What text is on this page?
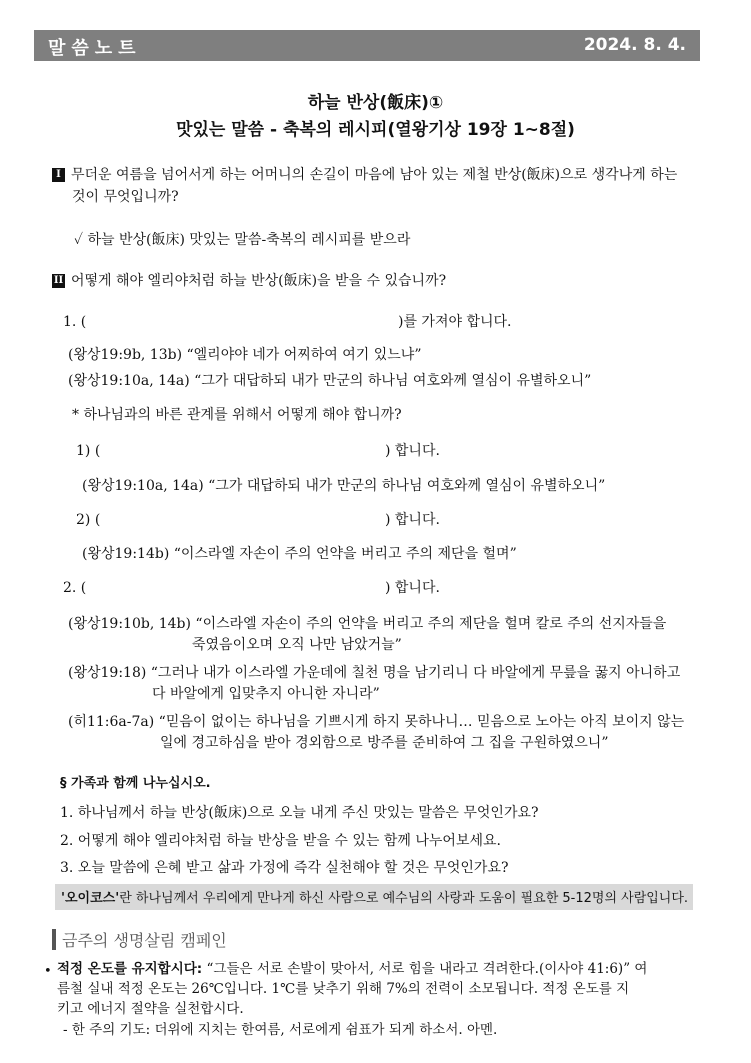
말씀노트	2024. 8. 4.
하늘 반상(飯床)①
맛있는 말씀 - 축복의 레시피(열왕기상 19장 1~8절)
I 무더운 여름을 넘어서게 하는 어머니의 손길이 마음에 남아 있는 제철 반상(飯床)으로 생각나게 하는
것이 무엇입니까?
✓ 하늘 반상(飯床) 맛있는 말씀-축복의 레시피를 받으라
II 어떻게 해야 엘리야처럼 하늘 반상(飯床)을 받을 수 있습니까?
1. (	)를 가져야 합니다.
(왕상19:9b, 13b) “엘리야야 네가 어찌하여 여기 있느냐”
(왕상19:10a, 14a) “그가 대답하되 내가 만군의 하나님 여호와께 열심이 유별하오니”
* 하나님과의 바른 관계를 위해서 어떻게 해야 합니까?
1) (	) 합니다.
(왕상19:10a, 14a) “그가 대답하되 내가 만군의 하나님 여호와께 열심이 유별하오니”
2) (	) 합니다.
(왕상19:14b) “이스라엘 자손이 주의 언약을 버리고 주의 제단을 헐며”
2. (	) 합니다.
(왕상19:10b, 14b) “이스라엘 자손이 주의 언약을 버리고 주의 제단을 헐며 칼로 주의 선지자들을
죽였음이오며 오직 나만 남았거늘”
(왕상19:18) “그러나 내가 이스라엘 가운데에 칠천 명을 남기리니 다 바알에게 무릎을 꿇지 아니하고
다 바알에게 입맞추지 아니한 자니라”
(히11:6a-7a) “믿음이 없이는 하나님을 기쁘시게 하지 못하나니… 믿음으로 노아는 아직 보이지 않는
일에 경고하심을 받아 경외함으로 방주를 준비하여 그 집을 구원하였으니”
§ 가족과 함께 나누십시오.
1. 하나님께서 하늘 반상(飯床)으로 오늘 내게 주신 맛있는 말씀은 무엇인가요?
2. 어떻게 해야 엘리야처럼 하늘 반상을 받을 수 있는 함께 나누어보세요.
3. 오늘 말씀에 은혜 받고 삶과 가정에 즉각 실천해야 할 것은 무엇인가요?
'오이코스'란 하나님께서 우리에게 만나게 하신 사람으로 예수님의 사랑과 도움이 필요한 5-12명의 사람입니다.
금주의 생명살림 캠페인
• 적정 온도를 유지합시다: “그들은 서로 손발이 맞아서, 서로 힘을 내라고 격려한다.(이사야 41:6)” 여
름철 실내 적정 온도는 26℃입니다. 1℃를 낮추기 위해 7%의 전력이 소모됩니다. 적정 온도를 지
키고 에너지 절약을 실천합시다.
- 한 주의 기도: 더위에 지치는 한여름, 서로에게 쉼표가 되게 하소서. 아멘.
